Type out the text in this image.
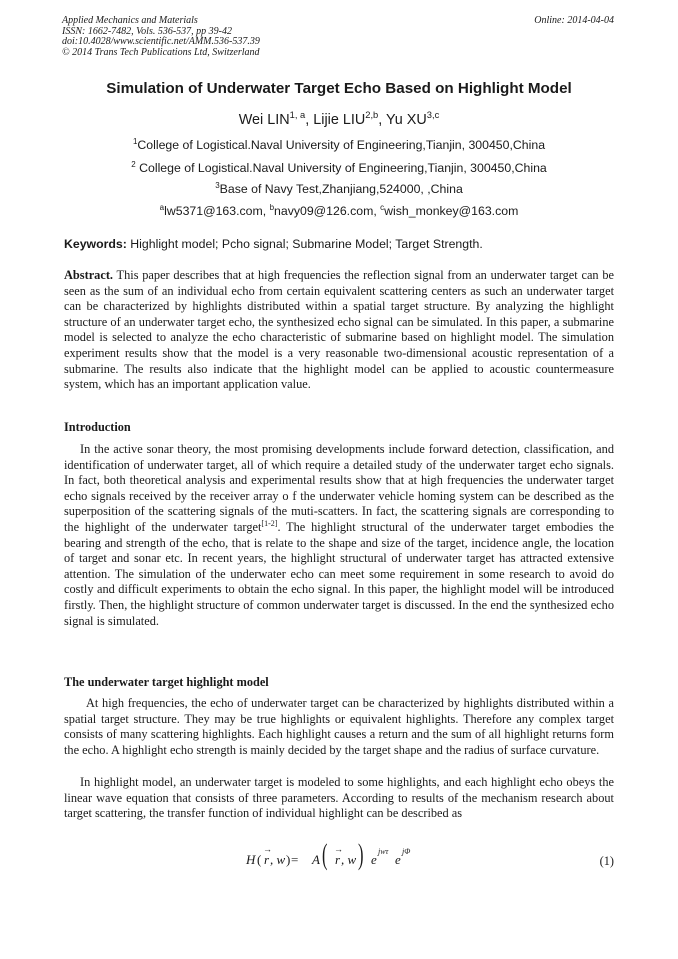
Applied Mechanics and Materials
ISSN: 1662-7482, Vols. 536-537, pp 39-42
doi:10.4028/www.scientific.net/AMM.536-537.39
© 2014 Trans Tech Publications Ltd, Switzerland
Online: 2014-04-04
Simulation of Underwater Target Echo Based on Highlight Model
Wei LIN$^{1, a}$, Lijie LIU$^{2,b}$, Yu XU$^{3,c}$
$^1$College of Logistical.Naval University of Engineering,Tianjin, 300450,China
$^2$ College of Logistical.Naval University of Engineering,Tianjin, 300450,China
$^3$Base of Navy Test,Zhanjiang,524000, ,China
$^a$lw5371@163.com, $^b$navy09@126.com, $^c$wish_monkey@163.com
Keywords: Highlight model; Pcho signal; Submarine Model; Target Strength.

Abstract. This paper describes that at high frequencies the reflection signal from an underwater target can be seen as the sum of an individual echo from certain equivalent scattering centers as such an underwater target can be characterized by highlights distributed within a spatial target structure. By analyzing the highlight structure of an underwater target echo, the synthesized echo signal can be simulated. In this paper, a submarine model is selected to analyze the echo characteristic of submarine based on highlight model. The simulation experiment results show that the model is a very reasonable two-dimensional acoustic representation of a submarine. The results also indicate that the highlight model can be applied to acoustic countermeasure system, which has an important application value.

Introduction

In the active sonar theory, the most promising developments include forward detection, classification, and identification of underwater target, all of which require a detailed study of the underwater target echo signals. In fact, both theoretical analysis and experimental results show that at high frequencies the underwater target echo signals received by the receiver array o f the underwater vehicle homing system can be described as the superposition of the scattering signals of the muti-scatters. In fact, the scattering signals are corresponding to the highlight of the underwater target[1-2]. The highlight structural of the underwater target embodies the bearing and strength of the echo, that is relate to the shape and size of the target, incidence angle, the location of target and sonar etc. In recent years, the highlight structural of underwater target has attracted extensive attention. The simulation of the underwater echo can meet some requirement in some research to avoid do costly and difficult experiments to obtain the echo signal. In this paper, the highlight model will be introduced firstly. Then, the highlight structure of common underwater target is discussed. In the end the synthesized echo signal is simulated.

The underwater target highlight model

At high frequencies, the echo of underwater target can be characterized by highlights distributed within a spatial target structure. They may be true highlights or equivalent highlights. Therefore any complex target consists of many scattering highlights. Each highlight causes a return and the sum of all highlight returns form the echo. A highlight echo strength is mainly decided by the target shape and the radius of surface curvature.

In highlight model, an underwater target is modeled to some highlights, and each highlight echo obeys the linear wave equation that consists of three parameters. According to results of the mechanism research about target scattering, the transfer function of individual highlight can be described as

H (
→
r , w ) = A ( →
r , w ) e
jwτ
e
jΦ
(1)
